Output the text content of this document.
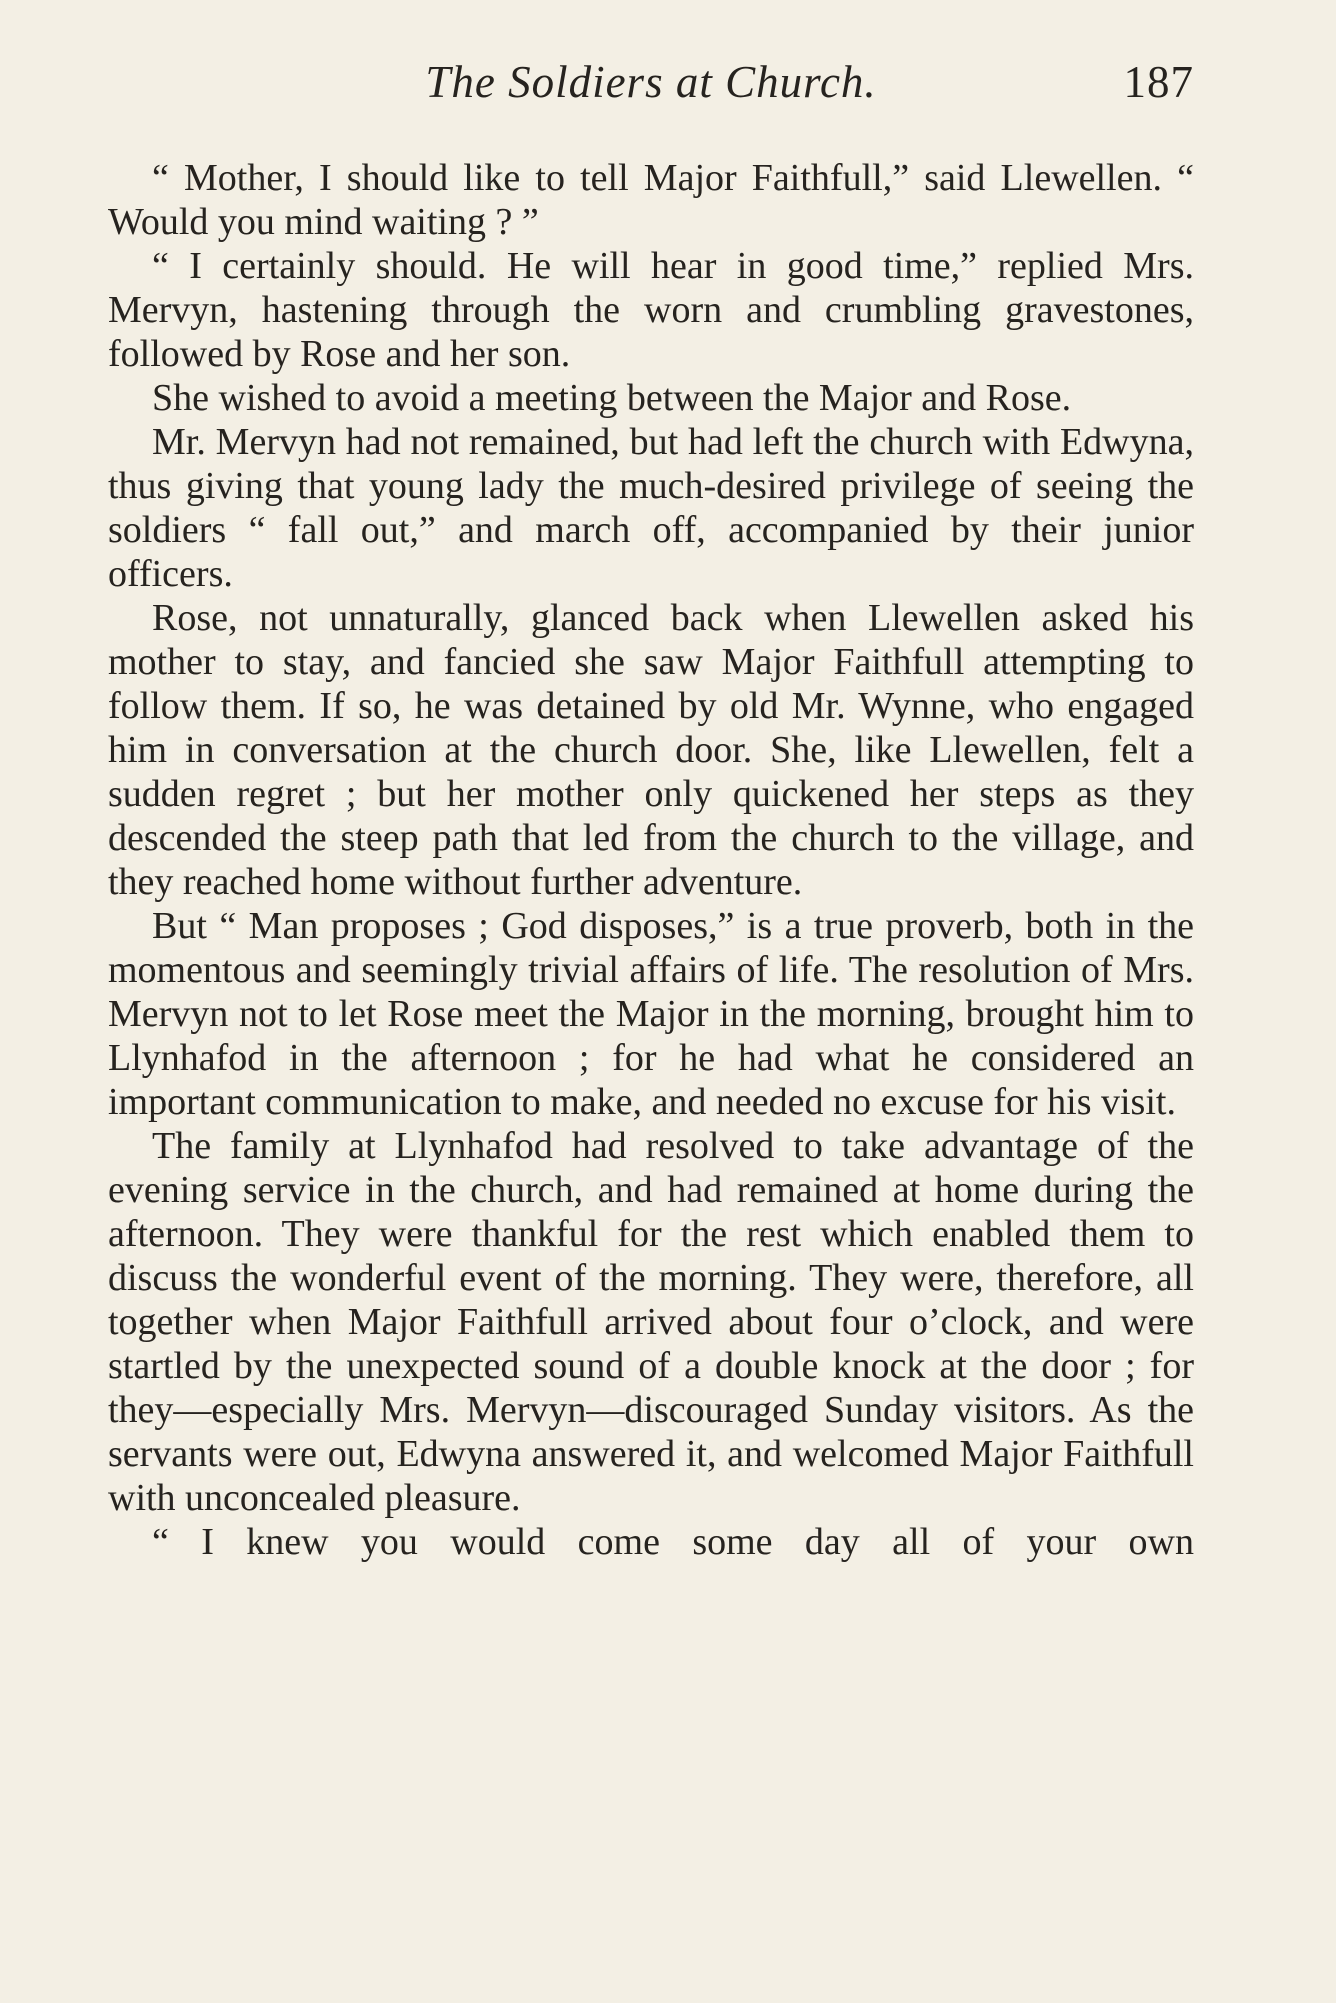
The Soldiers at Church.	187

“ Mother, I should like to tell Major Faithfull,” said Llewellen. “ Would you mind waiting ? ”

“ I certainly should. He will hear in good time,” replied Mrs. Mervyn, hastening through the worn and crumbling gravestones, followed by Rose and her son.

She wished to avoid a meeting between the Major and Rose.

Mr. Mervyn had not remained, but had left the church with Edwyna, thus giving that young lady the much-desired privilege of seeing the soldiers “ fall out,” and march off, accompanied by their junior officers.

Rose, not unnaturally, glanced back when Llewellen asked his mother to stay, and fancied she saw Major Faithfull attempting to follow them. If so, he was detained by old Mr. Wynne, who engaged him in conversation at the church door. She, like Llewellen, felt a sudden regret ; but her mother only quickened her steps as they descended the steep path that led from the church to the village, and they reached home without further adventure.

But “ Man proposes ; God disposes,” is a true proverb, both in the momentous and seemingly trivial affairs of life. The resolution of Mrs. Mervyn not to let Rose meet the Major in the morning, brought him to Llynhafod in the afternoon ; for he had what he considered an important communication to make, and needed no excuse for his visit.

The family at Llynhafod had resolved to take advantage of the evening service in the church, and had remained at home during the afternoon. They were thankful for the rest which enabled them to discuss the wonderful event of the morning. They were, therefore, all together when Major Faithfull arrived about four o’clock, and were startled by the unexpected sound of a double knock at the door ; for they—especially Mrs. Mervyn—discouraged Sunday visitors. As the servants were out, Edwyna answered it, and welcomed Major Faithfull with unconcealed pleasure.

“ I knew you would come some day all of your own
